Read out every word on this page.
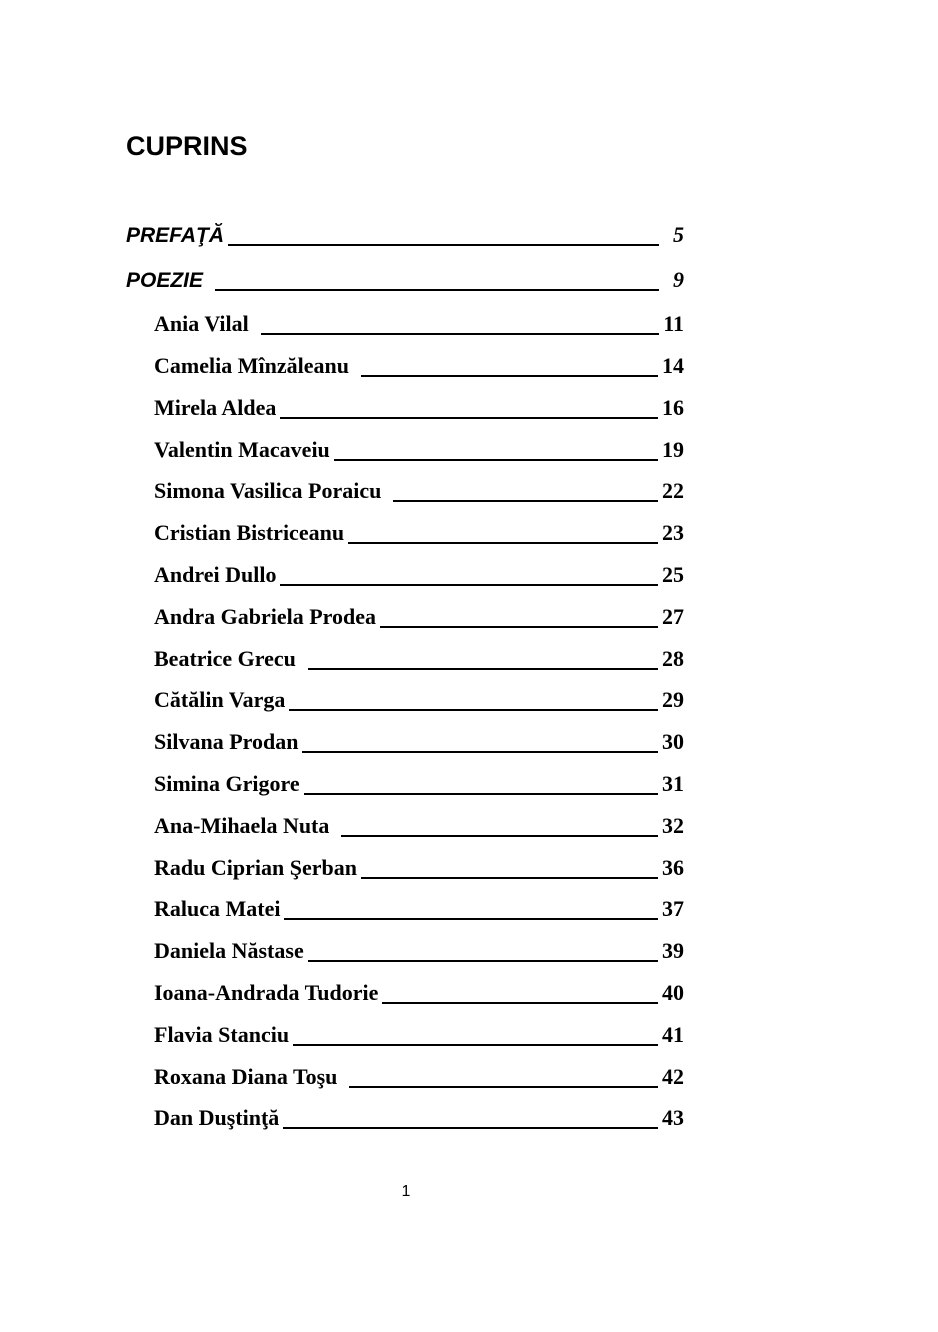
CUPRINS
PREFAŢĂ	5
POEZIE	9
Ania Vilal	11
Camelia Mînzăleanu	14
Mirela Aldea	16
Valentin Macaveiu	19
Simona Vasilica Poraicu	22
Cristian Bistriceanu	23
Andrei Dullo	25
Andra Gabriela Prodea	27
Beatrice Grecu	28
Cătălin Varga	29
Silvana Prodan	30
Simina Grigore	31
Ana-Mihaela Nuta	32
Radu Ciprian Şerban	36
Raluca Matei	37
Daniela Năstase	39
Ioana-Andrada Tudorie	40
Flavia Stanciu	41
Roxana Diana Toşu	42
Dan Duştinţă	43
1
